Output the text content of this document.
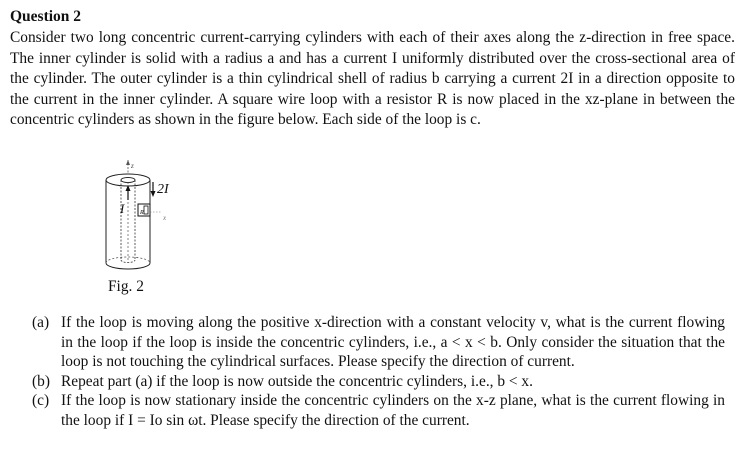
Question 2

Consider two long concentric current-carrying cylinders with each of their axes along the z-direction in free space. The inner cylinder is solid with a radius a and has a current I uniformly distributed over the cross-sectional area of the cylinder. The outer cylinder is a thin cylindrical shell of radius b carrying a current 2I in a direction opposite to the current in the inner cylinder. A square wire loop with a resistor R is now placed in the xz-plane in between the concentric cylinders as shown in the figure below. Each side of the loop is c.

z
2I
I	R
x
Fig. 2
(a) If the loop is moving along the positive x-direction with a constant velocity v, what is the current flowing in the loop if the loop is inside the concentric cylinders, i.e., a < x < b. Only consider the situation that the loop is not touching the cylindrical surfaces. Please specify the direction of current.
(b) Repeat part (a) if the loop is now outside the concentric cylinders, i.e., b < x.
(c) If the loop is now stationary inside the concentric cylinders on the x-z plane, what is the current flowing in the loop if I = Io sin ωt. Please specify the direction of the current.
